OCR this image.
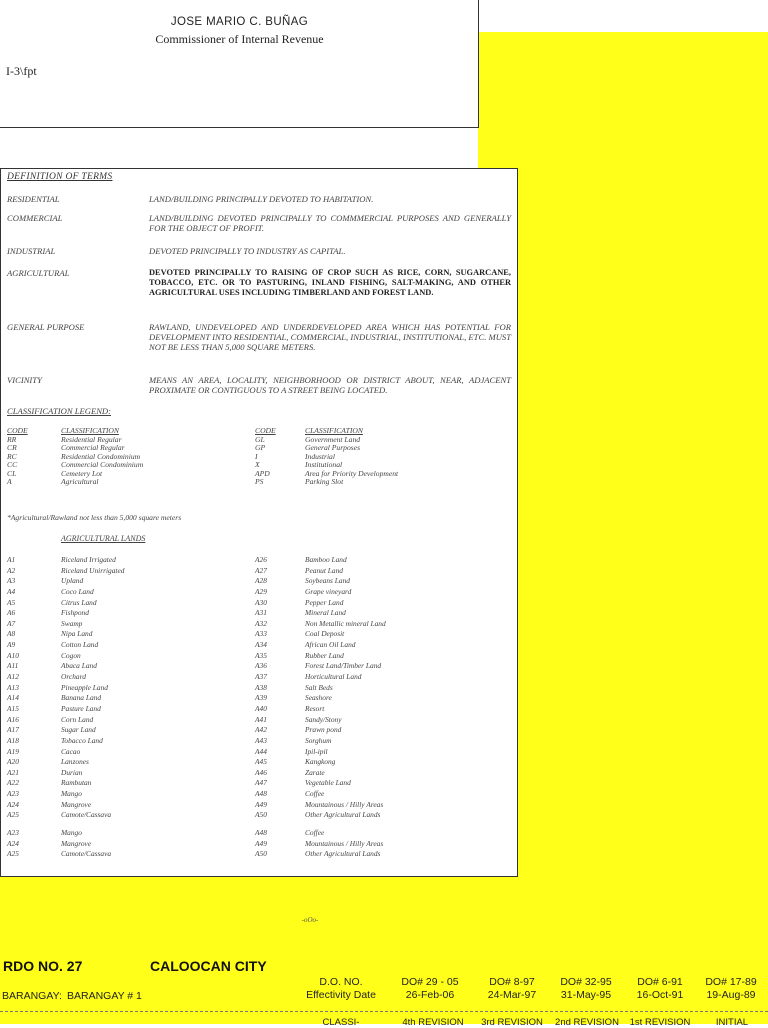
JOSE MARIO C. BUÑAG
Commissioner of Internal Revenue
I-3\fpt
DEFINITION OF TERMS
RESIDENTIAL	LAND/BUILDING PRINCIPALLY DEVOTED TO HABITATION.
COMMERCIAL	LAND/BUILDING DEVOTED PRINCIPALLY TO COMMMERCIAL PURPOSES AND GENERALLY FOR THE OBJECT OF PROFIT.
INDUSTRIAL	DEVOTED PRINCIPALLY TO INDUSTRY AS CAPITAL.
AGRICULTURAL	DEVOTED PRINCIPALLY TO RAISING OF CROP SUCH AS RICE, CORN, SUGARCANE, TOBACCO, ETC. OR TO PASTURING, INLAND FISHING, SALT-MAKING, AND OTHER AGRICULTURAL USES INCLUDING TIMBERLAND AND FOREST LAND.
GENERAL PURPOSE	RAWLAND, UNDEVELOPED AND UNDERDEVELOPED AREA WHICH HAS POTENTIAL FOR DEVELOPMENT INTO RESIDENTIAL, COMMERCIAL, INDUSTRIAL, INSTITUTIONAL, ETC. MUST NOT BE LESS THAN 5,000 SQUARE METERS.
VICINITY	MEANS AN AREA, LOCALITY, NEIGHBORHOOD OR DISTRICT ABOUT, NEAR, ADJACENT PROXIMATE OR CONTIGUOUS TO A STREET BEING LOCATED.
CLASSIFICATION LEGEND:
CODE	CLASSIFICATION
RR	Residential Regular
CR	Commercial Regular
RC	Residential Condominium
CC	Commercial Condominium
CL	Cemetery Lot
A	Agricultural
CODE	CLASSIFICATION
GL	Government Land
GP	General Purposes
I	Industrial
X	Institutional
APD	Area for Priority Development
PS	Parking Slot
*Agricultural/Rawland not less than 5,000 square meters
AGRICULTURAL LANDS
A1	Riceland Irrigated
A2	Riceland Unirrigated
A3	Upland
A4	Coco Land
A5	Citrus Land
A6	Fishpond
A7	Swamp
A8	Nipa Land
A9	Cotton Land
A10	Cogon
A11	Abaca Land
A12	Orchard
A13	Pineapple Land
A14	Banana Land
A15	Pasture Land
A16	Corn Land
A17	Sugar Land
A18	Tobacco Land
A19	Cacao
A20	Lanzones
A21	Durian
A22	Rambutan
A23	Mango
A24	Mangrove
A25	Camote/Cassava
A26	Bamboo Land
A27	Peanut Land
A28	Soybeans Land
A29	Grape vineyard
A30	Pepper Land
A31	Mineral Land
A32	Non Metallic mineral Land
A33	Coal Deposit
A34	African Oil Land
A35	Rubber Land
A36	Forest Land/Timber Land
A37	Horticultural Land
A38	Salt Beds
A39	Seashore
A40	Resort
A41	Sandy/Stony
A42	Prawn pond
A43	Sorghum
A44	Ipil-ipil
A45	Kangkong
A46	Zarate
A47	Vegetable Land
A48	Coffee
A49	Mountainous / Hilly Areas
A50	Other Agricultural Lands
A23	Mango
A24	Mangrove
A25	Camote/Cassava
A48	Coffee
A49	Mountainous / Hilly Areas
A50	Other Agricultural Lands
-oOo-
RDO NO. 27	CALOOCAN CITY
BARANGAY: BARANGAY # 1
D.O. NO.
Effectivity Date
DO# 29 - 05	DO# 8-97	DO# 32-95	DO# 6-91	DO# 17-89
26-Feb-06	24-Mar-97	31-May-95	16-Oct-91	19-Aug-89
CLASSI-	4th REVISION	3rd REVISION	2nd REVISION	1st REVISION	INITIAL
